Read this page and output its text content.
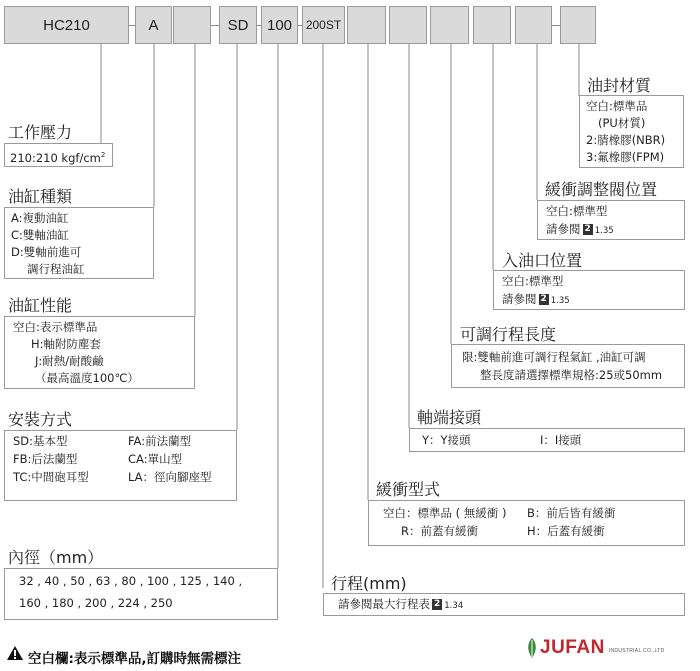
HC210	A	SD	100	200ST
油封材質
空白:標準品
(PU材質)
2:腈橡膠(NBR)
3:氟橡膠(FPM)
工作壓力
210:210 kgf/$cm^2$
油缸種類
A:複動油缸
C:雙軸油缸
D:雙軸前進可
調行程油缸
緩衝調整閥位置
空白:標準型
請參閱 2 1.35
入油口位置
空白:標準型
請參閱 2 1.35
油缸性能
空白:表示標準品
H:軸附防塵套
J:耐熱/耐酸鹼
（最高溫度100℃）
可調行程長度
限:雙軸前進可調行程氣缸 ,油缸可調
整長度請選擇標準規格:25或50mm
軸端接頭
Y：Y接頭	I：I接頭
安裝方式
SD:基本型
FB:后法蘭型
TC:中間砲耳型
FA:前法蘭型
CA:單山型
LA：徑向腳座型
緩衝型式
空白：標準品 ( 無緩衝 ) B：前后皆有緩衝
R：前蓋有緩衝	H：后蓋有緩衝
內徑（mm）
32 , 40 , 50 , 63 , 80 , 100 , 125 , 140 ,
160 , 180 , 200 , 224 , 250
行程(mm)
請參閱最大行程表 2 1.34
空白欄:表示標準品,訂購時無需標注
JUFAN INDUSTRIAL CO.,LTD
